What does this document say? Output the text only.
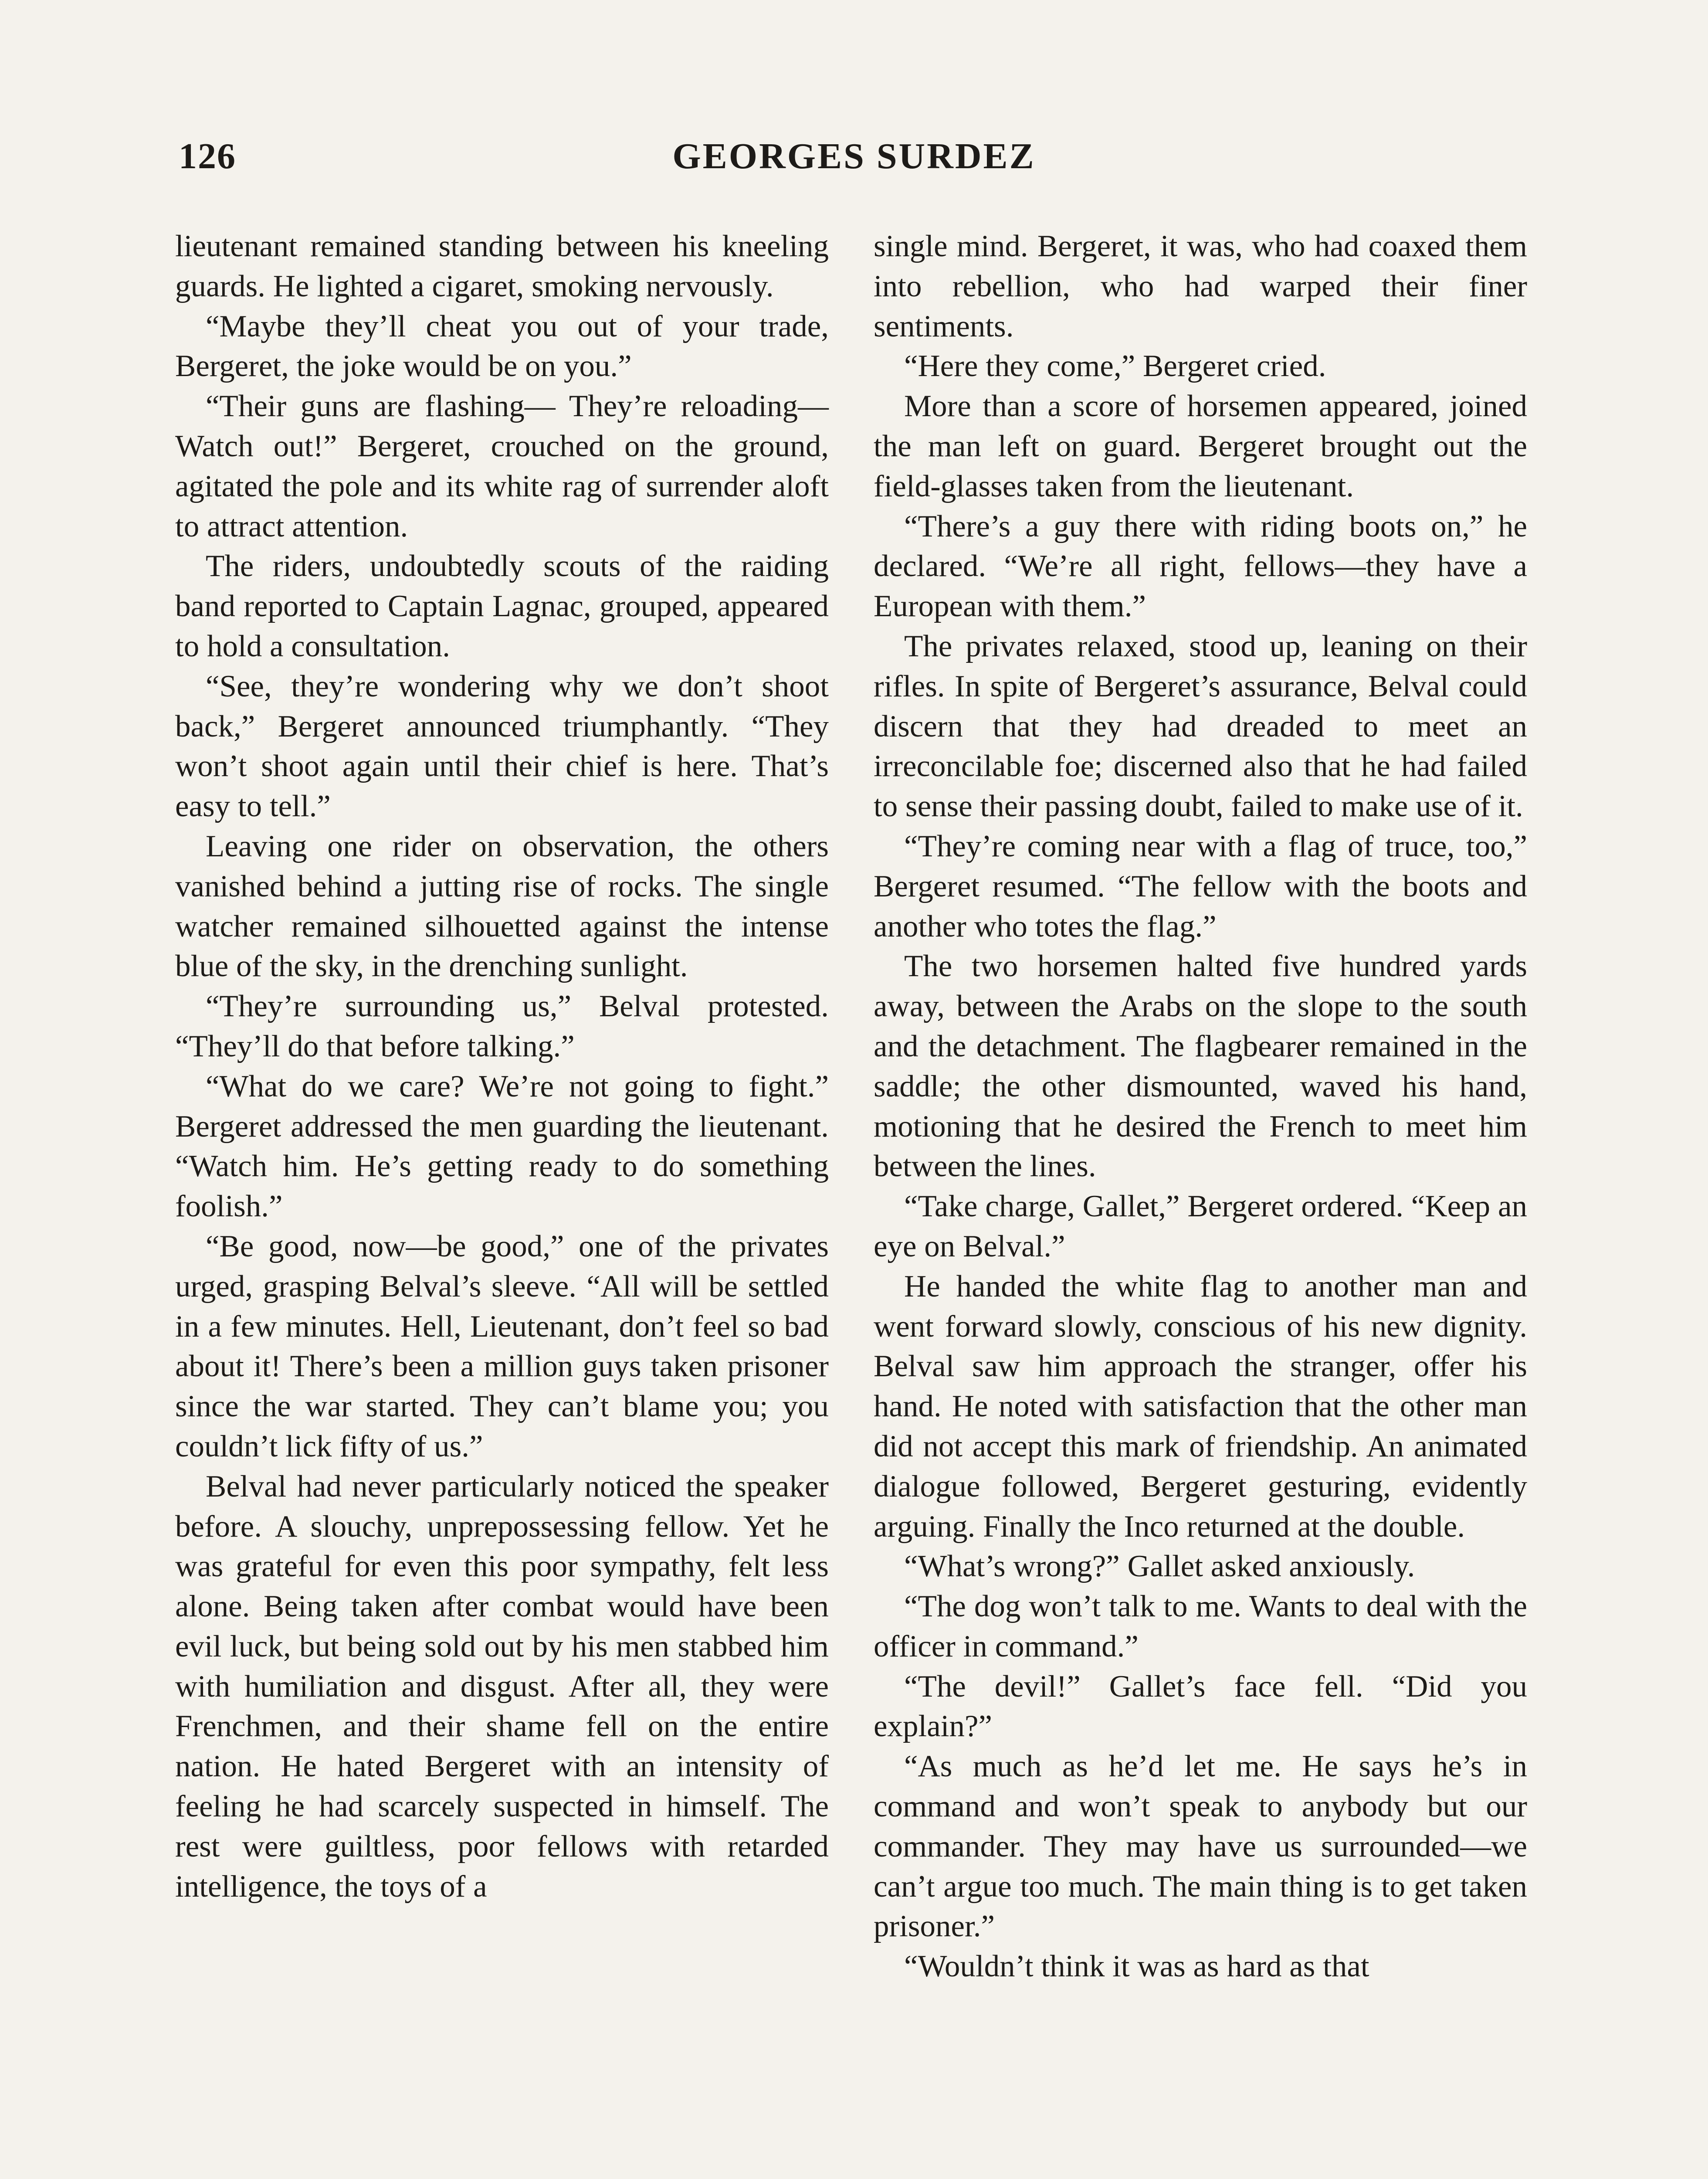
126	GEORGES SURDEZ

lieutenant remained standing between his kneeling guards. He lighted a cigaret, smoking nervously.

“Maybe they’ll cheat you out of your trade, Bergeret, the joke would be on you.”

“Their guns are flashing— They’re reloading— Watch out!” Bergeret, crouched on the ground, agitated the pole and its white rag of surrender aloft to attract attention.

The riders, undoubtedly scouts of the raiding band reported to Captain Lagnac, grouped, appeared to hold a consultation.

“See, they’re wondering why we don’t shoot back,” Bergeret announced triumphantly. “They won’t shoot again until their chief is here. That’s easy to tell.”

Leaving one rider on observation, the others vanished behind a jutting rise of rocks. The single watcher remained silhouetted against the intense blue of the sky, in the drenching sunlight.

“They’re surrounding us,” Belval protested. “They’ll do that before talking.”

“What do we care? We’re not going to fight.” Bergeret addressed the men guarding the lieutenant. “Watch him. He’s getting ready to do something foolish.”

“Be good, now—be good,” one of the privates urged, grasping Belval’s sleeve. “All will be settled in a few minutes. Hell, Lieutenant, don’t feel so bad about it! There’s been a million guys taken prisoner since the war started. They can’t blame you; you couldn’t lick fifty of us.”

Belval had never particularly noticed the speaker before. A slouchy, unprepossessing fellow. Yet he was grateful for even this poor sympathy, felt less alone. Being taken after combat would have been evil luck, but being sold out by his men stabbed him with humiliation and disgust. After all, they were Frenchmen, and their shame fell on the entire nation. He hated Bergeret with an intensity of feeling he had scarcely suspected in himself. The rest were guiltless, poor fellows with retarded intelligence, the toys of a

single mind. Bergeret, it was, who had coaxed them into rebellion, who had warped their finer sentiments.

“Here they come,” Bergeret cried.

More than a score of horsemen appeared, joined the man left on guard. Bergeret brought out the field-glasses taken from the lieutenant.

“There’s a guy there with riding boots on,” he declared. “We’re all right, fellows—they have a European with them.”

The privates relaxed, stood up, leaning on their rifles. In spite of Bergeret’s assurance, Belval could discern that they had dreaded to meet an irreconcilable foe; discerned also that he had failed to sense their passing doubt, failed to make use of it.

“They’re coming near with a flag of truce, too,” Bergeret resumed. “The fellow with the boots and another who totes the flag.”

The two horsemen halted five hundred yards away, between the Arabs on the slope to the south and the detachment. The flagbearer remained in the saddle; the other dismounted, waved his hand, motioning that he desired the French to meet him between the lines.

“Take charge, Gallet,” Bergeret ordered. “Keep an eye on Belval.”

He handed the white flag to another man and went forward slowly, conscious of his new dignity. Belval saw him approach the stranger, offer his hand. He noted with satisfaction that the other man did not accept this mark of friendship. An animated dialogue followed, Bergeret gesturing, evidently arguing. Finally the Inco returned at the double.

“What’s wrong?” Gallet asked anxiously.

“The dog won’t talk to me. Wants to deal with the officer in command.”

“The devil!” Gallet’s face fell. “Did you explain?”

“As much as he’d let me. He says he’s in command and won’t speak to anybody but our commander. They may have us surrounded—we can’t argue too much. The main thing is to get taken prisoner.”

“Wouldn’t think it was as hard as that
